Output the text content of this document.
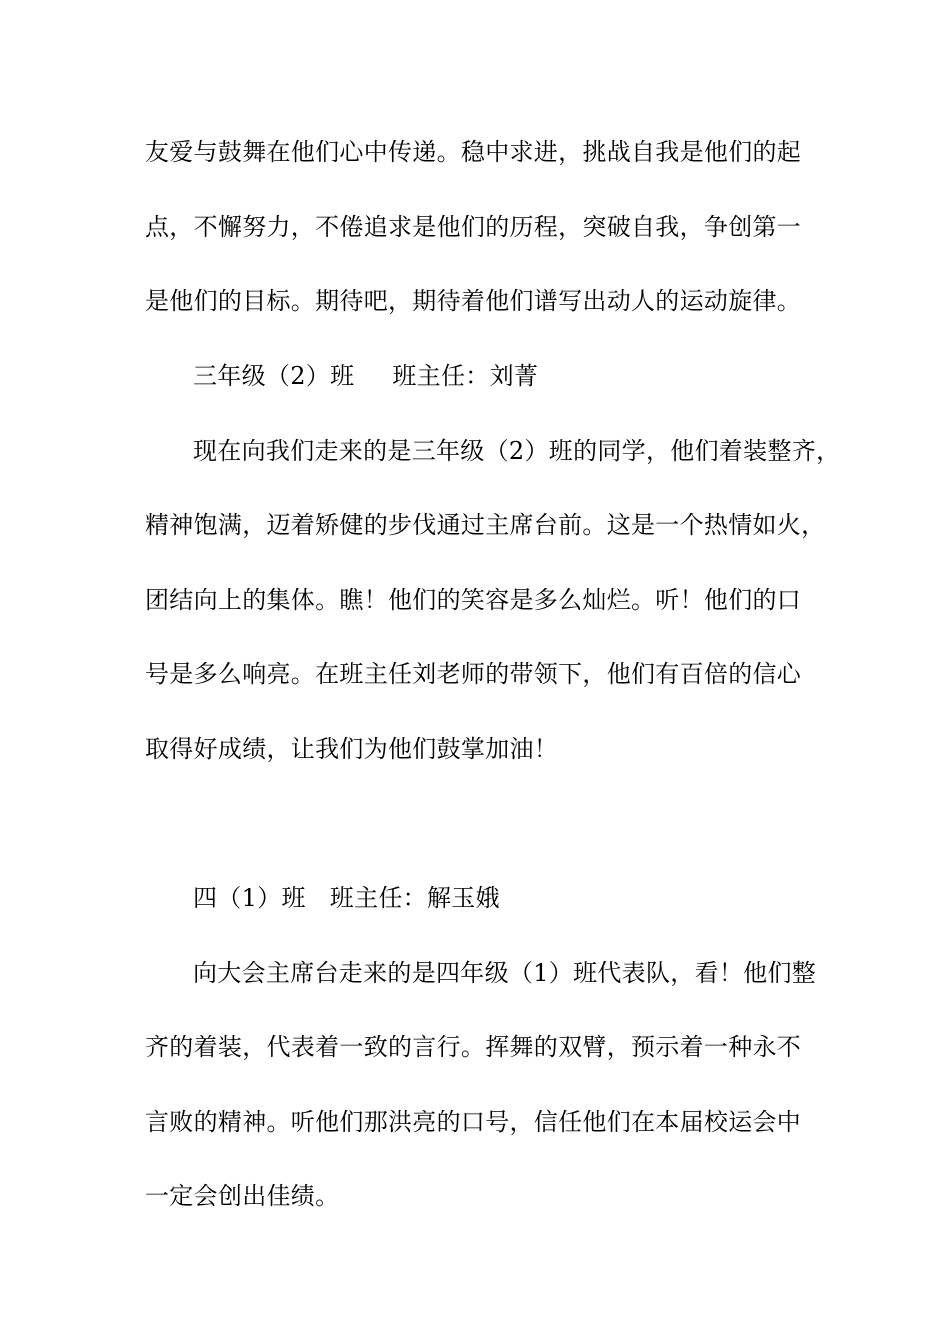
友爱与鼓舞在他们心中传递。稳中求进，挑战自我是他们的起
点，不懈努力，不倦追求是他们的历程，突破自我，争创第一
是他们的目标。期待吧，期待着他们谱写出动人的运动旋律。
三年级（2）班 班主任：刘菁
现在向我们走来的是三年级（2）班的同学，他们着装整齐，
精神饱满，迈着矫健的步伐通过主席台前。这是一个热情如火，
团结向上的集体。瞧！他们的笑容是多么灿烂。听！他们的口
号是多么响亮。在班主任刘老师的带领下，他们有百倍的信心
取得好成绩，让我们为他们鼓掌加油！
四（1）班 班主任：解玉娥
向大会主席台走来的是四年级（1）班代表队，看！他们整
齐的着装，代表着一致的言行。挥舞的双臂，预示着一种永不
言败的精神。听他们那洪亮的口号，信任他们在本届校运会中
一定会创出佳绩。
